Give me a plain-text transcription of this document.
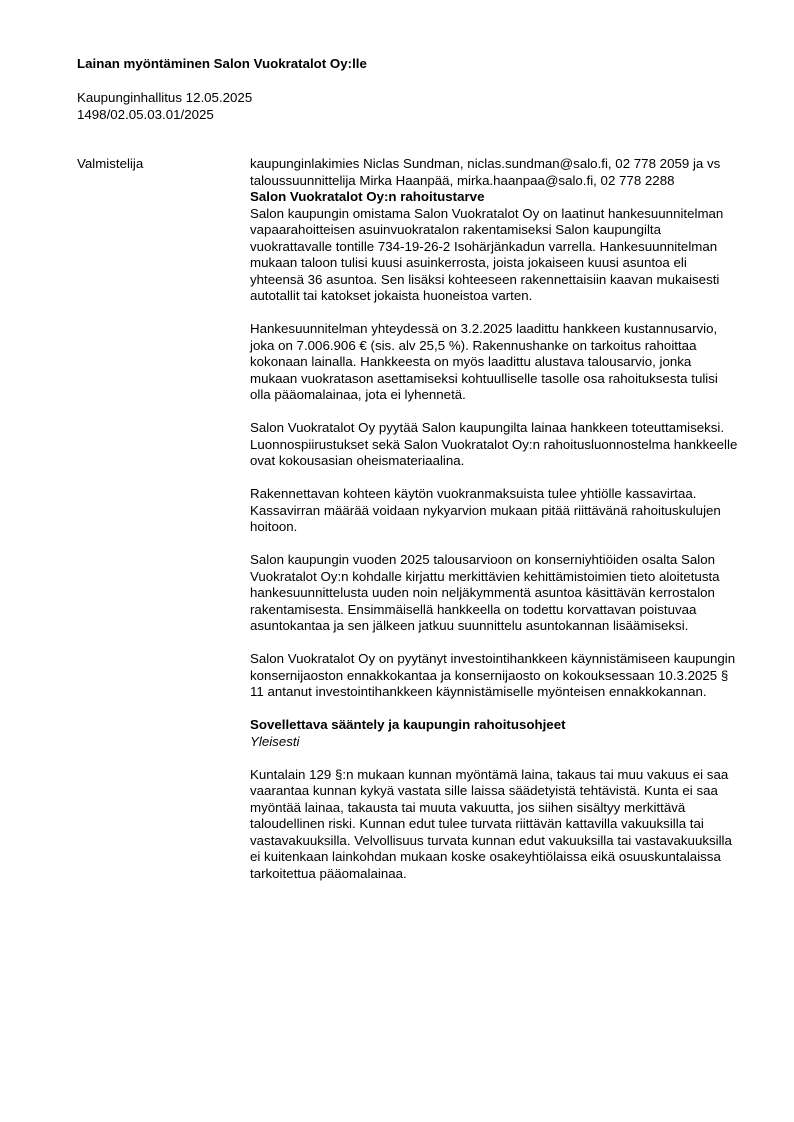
Lainan myöntäminen Salon Vuokratalot Oy:lle
Kaupunginhallitus 12.05.2025
1498/02.05.03.01/2025
Valmistelija	kaupunginlakimies Niclas Sundman, niclas.sundman@salo.fi, 02 778 2059 ja vs taloussuunnittelija Mirka Haanpää, mirka.haanpaa@salo.fi, 02 778 2288

Salon Vuokratalot Oy:n rahoitustarve

Salon kaupungin omistama Salon Vuokratalot Oy on laatinut hankesuunnitelman vapaarahoitteisen asuinvuokratalon rakentamiseksi Salon kaupungilta vuokrattavalle tontille 734-19-26-2 Isohärjänkadun varrella. Hankesuunnitelman mukaan taloon tulisi kuusi asuinkerrosta, joista jokaiseen kuusi asuntoa eli yhteensä 36 asuntoa. Sen lisäksi kohteeseen rakennettaisiin kaavan mukaisesti autotallit tai katokset jokaista huoneistoa varten.

Hankesuunnitelman yhteydessä on 3.2.2025 laadittu hankkeen kustannusarvio, joka on 7.006.906 € (sis. alv 25,5 %). Rakennushanke on tarkoitus rahoittaa kokonaan lainalla. Hankkeesta on myös laadittu alustava talousarvio, jonka mukaan vuokratason asettamiseksi kohtuulliselle tasolle osa rahoituksesta tulisi olla pääomalainaa, jota ei lyhennetä.

Salon Vuokratalot Oy pyytää Salon kaupungilta lainaa hankkeen toteuttamiseksi. Luonnospiirustukset sekä Salon Vuokratalot Oy:n rahoitusluonnostelma hankkeelle ovat kokousasian oheismateriaalina.

Rakennettavan kohteen käytön vuokranmaksuista tulee yhtiölle kassavirtaa. Kassavirran määrää voidaan nykyarvion mukaan pitää riittävänä rahoituskulujen hoitoon.

Salon kaupungin vuoden 2025 talousarvioon on konserniyhtiöiden osalta Salon Vuokratalot Oy:n kohdalle kirjattu merkittävien kehittämistoimien tieto aloitetusta hankesuunnittelusta uuden noin neljäkymmentä asuntoa käsittävän kerrostalon rakentamisesta. Ensimmäisellä hankkeella on todettu korvattavan poistuvaa asuntokantaa ja sen jälkeen jatkuu suunnittelu asuntokannan lisäämiseksi.

Salon Vuokratalot Oy on pyytänyt investointihankkeen käynnistämiseen kaupungin konsernijaoston ennakkokantaa ja konsernijaosto on kokouksessaan 10.3.2025 § 11 antanut investointihankkeen käynnistämiselle myönteisen ennakkokannan.

Sovellettava sääntely ja kaupungin rahoitusohjeet

Yleisesti

Kuntalain 129 §:n mukaan kunnan myöntämä laina, takaus tai muu vakuus ei saa vaarantaa kunnan kykyä vastata sille laissa säädetyistä tehtävistä. Kunta ei saa myöntää lainaa, takausta tai muuta vakuutta, jos siihen sisältyy merkittävä taloudellinen riski. Kunnan edut tulee turvata riittävän kattavilla vakuuksilla tai vastavakuuksilla. Velvollisuus turvata kunnan edut vakuuksilla tai vastavakuuksilla ei kuitenkaan lainkohdan mukaan koske osakeyhtiölaissa eikä osuuskuntalaissa tarkoitettua pääomalainaa.
